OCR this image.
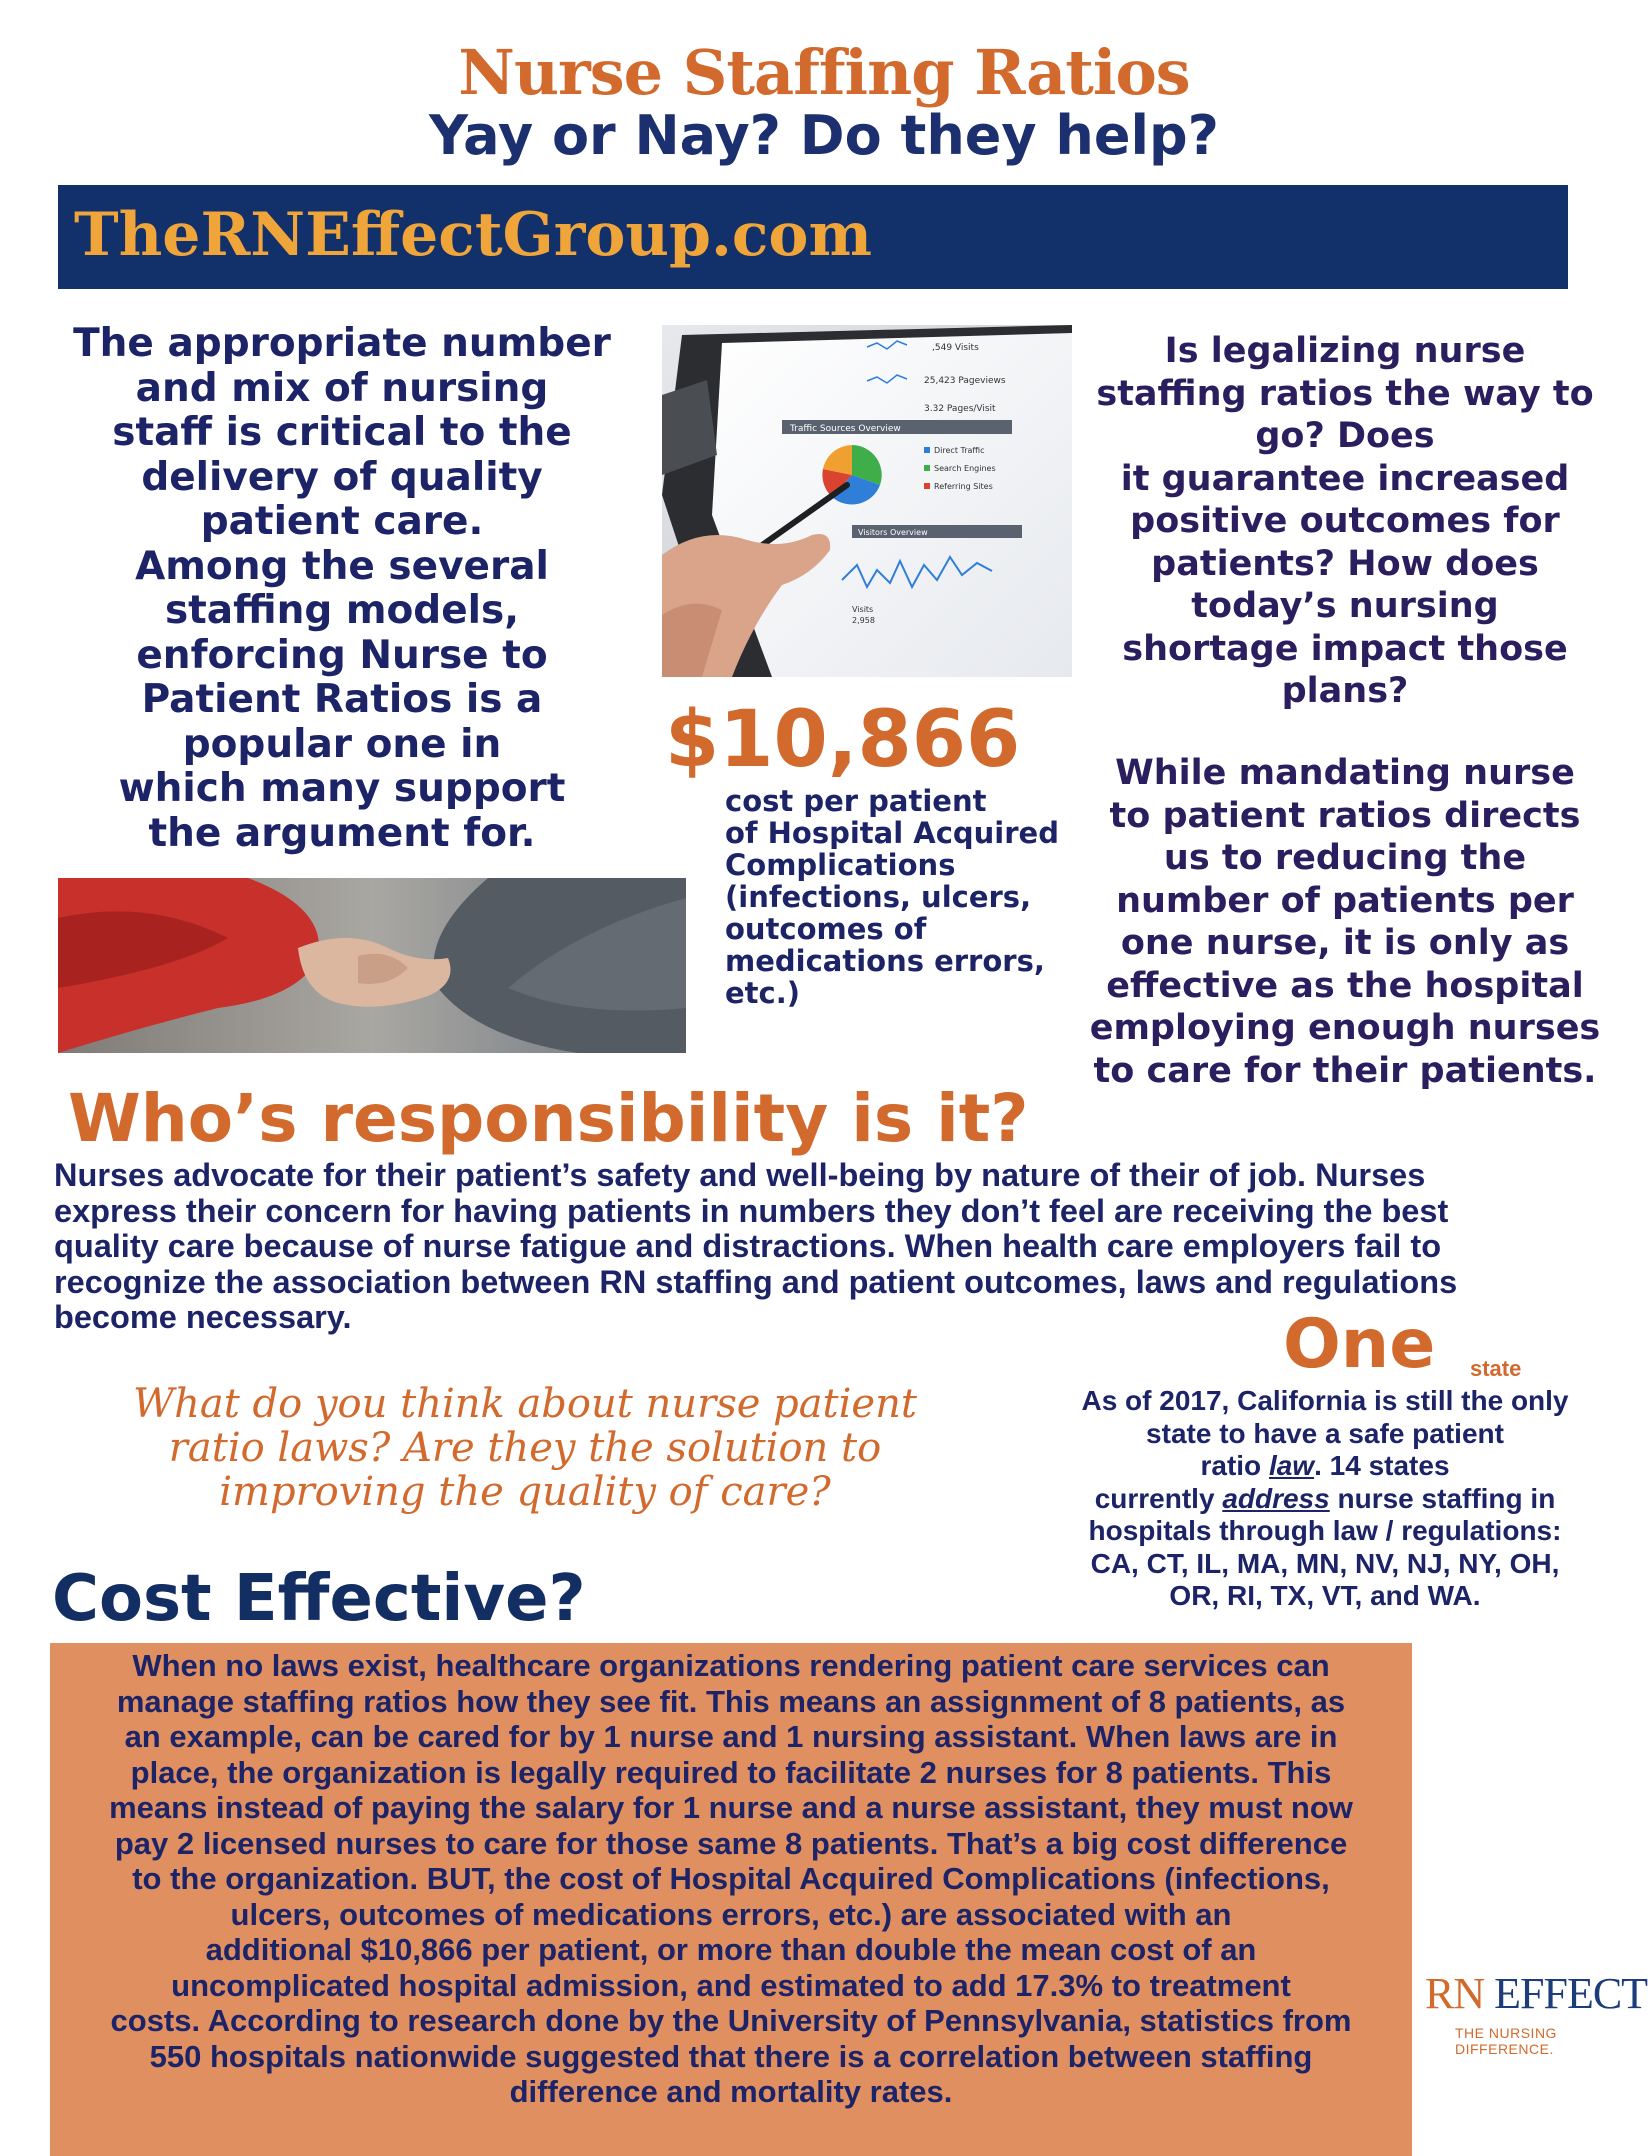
Nurse Staffing Ratios
Yay or Nay? Do they help?
TheRNEffectGroup.com
The appropriate number
and mix of nursing
staff is critical to the
delivery of quality
patient care.
Among the several
staffing models,
enforcing Nurse to
Patient Ratios is a
popular one in
which many support
the argument for.
,549 Visits
25,423 Pageviews
3.32 Pages/Visit
Traffic Sources Overview
Direct Traffic
Search Engines
Referring Sites
Visitors Overview
Visits
2,958
$10,866
cost per patient
of Hospital Acquired
Complications
(infections, ulcers,
outcomes of
medications errors,
etc.)
Is legalizing nurse
staffing ratios the way to
go? Does
it guarantee increased
positive outcomes for
patients? How does
today’s nursing
shortage impact those
plans?
While mandating nurse
to patient ratios directs
us to reducing the
number of patients per
one nurse, it is only as
effective as the hospital
employing enough nurses
to care for their patients.
Who’s responsibility is it?
Nurses advocate for their patient’s safety and well-being by nature of their of job. Nurses
express their concern for having patients in numbers they don’t feel are receiving the best
quality care because of nurse fatigue and distractions. When health care employers fail to
recognize the association between RN staffing and patient outcomes, laws and regulations
become necessary.
What do you think about nurse patient
ratio laws? Are they the solution to
improving the quality of care?
One state
As of 2017, California is still the only
state to have a safe patient
ratio law. 14 states
currently address nurse staffing in
hospitals through law / regulations:
CA, CT, IL, MA, MN, NV, NJ, NY, OH,
OR, RI, TX, VT, and WA.
Cost Effective?
When no laws exist, healthcare organizations rendering patient care services can
manage staffing ratios how they see fit. This means an assignment of 8 patients, as
an example, can be cared for by 1 nurse and 1 nursing assistant. When laws are in
place, the organization is legally required to facilitate 2 nurses for 8 patients. This
means instead of paying the salary for 1 nurse and a nurse assistant, they must now
pay 2 licensed nurses to care for those same 8 patients. That’s a big cost difference
to the organization. BUT, the cost of Hospital Acquired Complications (infections,
ulcers, outcomes of medications errors, etc.) are associated with an
additional $10,866 per patient, or more than double the mean cost of an
uncomplicated hospital admission, and estimated to add 17.3% to treatment
costs. According to research done by the University of Pennsylvania, statistics from
550 hospitals nationwide suggested that there is a correlation between staffing
difference and mortality rates.
RN EFFECT
THE NURSING DIFFERENCE.
